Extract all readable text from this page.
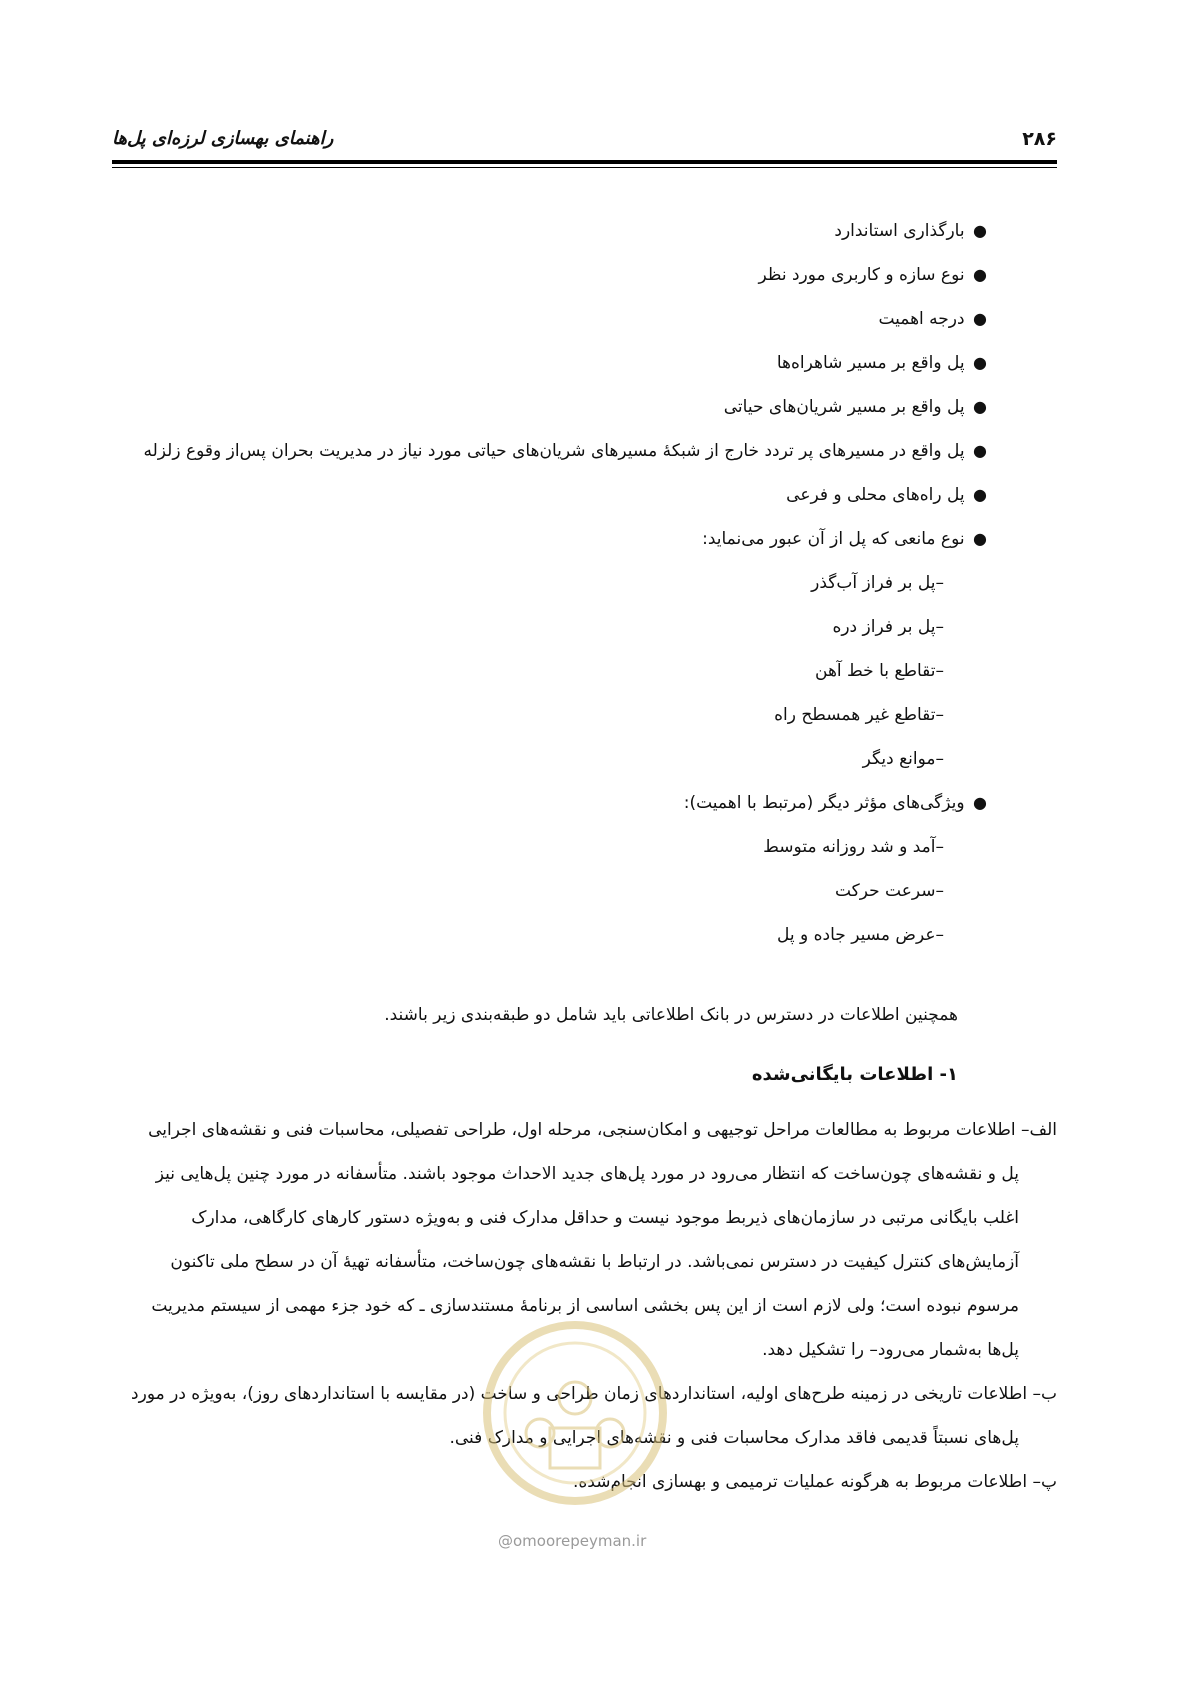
۲۸۶
راهنمای بهسازی لرزه‌ای پل‌ها
● بارگذاری استاندارد
● نوع سازه و کاربری مورد نظر
● درجه اهمیت
● پل واقع بر مسیر شاهراه‌ها
● پل واقع بر مسیر شریان‌های حیاتی
● پل واقع در مسیرهای پر تردد خارج از شبکهٔ مسیرهای شریان‌های حیاتی مورد نیاز در مدیریت بحران پس‌از وقوع زلزله
● پل راه‌های محلی و فرعی
● نوع مانعی که پل از آن عبور می‌نماید:
–پل بر فراز آب‌گذر
–پل بر فراز دره
–تقاطع با خط آهن
–تقاطع غیر همسطح راه
–موانع دیگر
● ویژگی‌های مؤثر دیگر (مرتبط با اهمیت):
–آمد و شد روزانه متوسط
–سرعت حرکت
–عرض مسیر جاده و پل
همچنین اطلاعات در دسترس در بانک اطلاعاتی باید شامل دو طبقه‌بندی زیر باشند.
۱- اطلاعات بایگانی‌شده
الف– اطلاعات مربوط به مطالعات مراحل توجیهی و امکان‌سنجی، مرحله اول، طراحی تفصیلی، محاسبات فنی و نقشه‌های اجرایی
پل و نقشه‌های چون‌ساخت که انتظار می‌رود در مورد پل‌های جدید الاحداث موجود باشند. متأسفانه در مورد چنین پل‌هایی نیز
اغلب بایگانی مرتبی در سازمان‌های ذیربط موجود نیست و حداقل مدارک فنی و به‌ویژه دستور کارهای کارگاهی، مدارک
آزمایش‌های کنترل کیفیت در دسترس نمی‌باشد. در ارتباط با نقشه‌های چون‌ساخت، متأسفانه تهیهٔ آن در سطح ملی تاکنون
مرسوم نبوده است؛ ولی لازم است از این پس بخشی اساسی از برنامهٔ مستندسازی ـ که خود جزء مهمی از سیستم مدیریت
پل‌ها به‌شمار می‌رود– را تشکیل دهد.
ب– اطلاعات تاریخی در زمینه طرح‌های اولیه، استانداردهای زمان طراحی و ساخت (در مقایسه با استانداردهای روز)، به‌ویژه در مورد
پل‌های نسبتاً قدیمی فاقد مدارک محاسبات فنی و نقشه‌های اجرایی و مدارک فنی.
پ– اطلاعات مربوط به هرگونه عملیات ترمیمی و بهسازی انجام‌شده.
@omoorepeyman.ir
